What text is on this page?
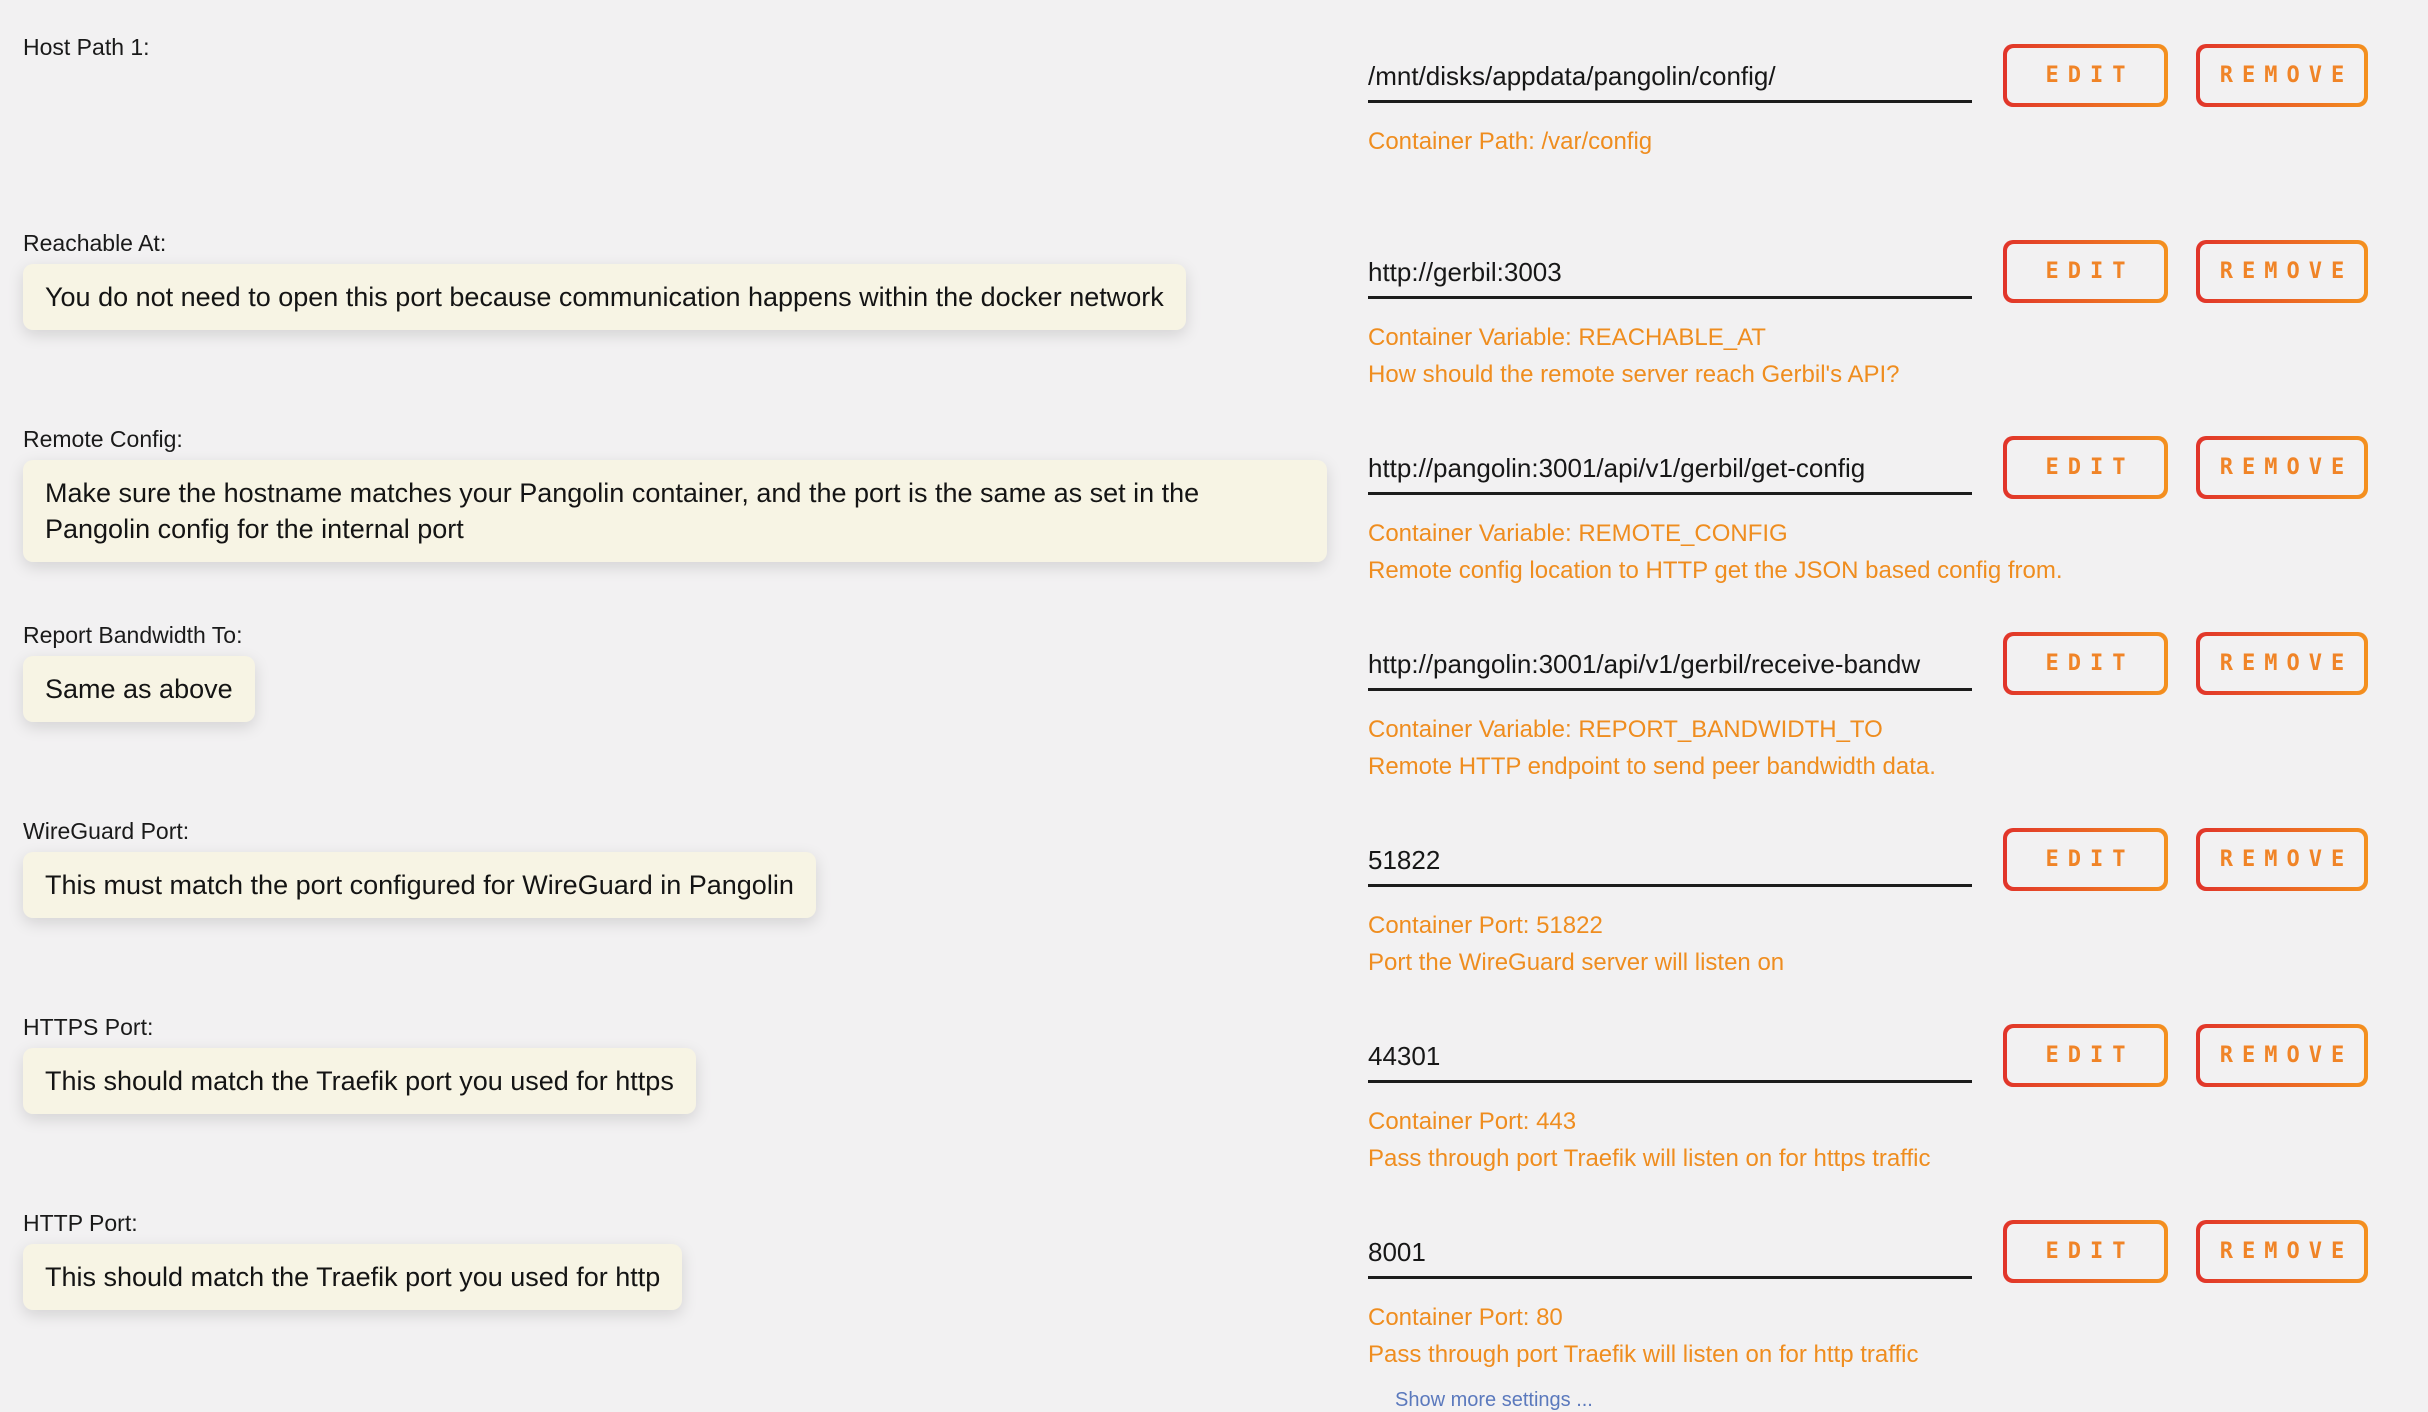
Host Path 1:
/mnt/disks/appdata/pangolin/config/
Container Path: /var/config
EDIT	REMOVE
Reachable At:
You do not need to open this port because communication happens within the docker network
http://gerbil:3003
Container Variable: REACHABLE_AT
How should the remote server reach Gerbil's API?
EDIT	REMOVE
Remote Config:
Make sure the hostname matches your Pangolin container, and the port is the same as set in the Pangolin config for the internal port
http://pangolin:3001/api/v1/gerbil/get-config
Container Variable: REMOTE_CONFIG
Remote config location to HTTP get the JSON based config from.
EDIT	REMOVE
Report Bandwidth To:
Same as above
http://pangolin:3001/api/v1/gerbil/receive-bandw
Container Variable: REPORT_BANDWIDTH_TO
Remote HTTP endpoint to send peer bandwidth data.
EDIT	REMOVE
WireGuard Port:
This must match the port configured for WireGuard in Pangolin
51822
Container Port: 51822
Port the WireGuard server will listen on
EDIT	REMOVE
HTTPS Port:
This should match the Traefik port you used for https
44301
Container Port: 443
Pass through port Traefik will listen on for https traffic
EDIT	REMOVE
HTTP Port:
This should match the Traefik port you used for http
8001
Container Port: 80
Pass through port Traefik will listen on for http traffic
EDIT	REMOVE
Show more settings ...
